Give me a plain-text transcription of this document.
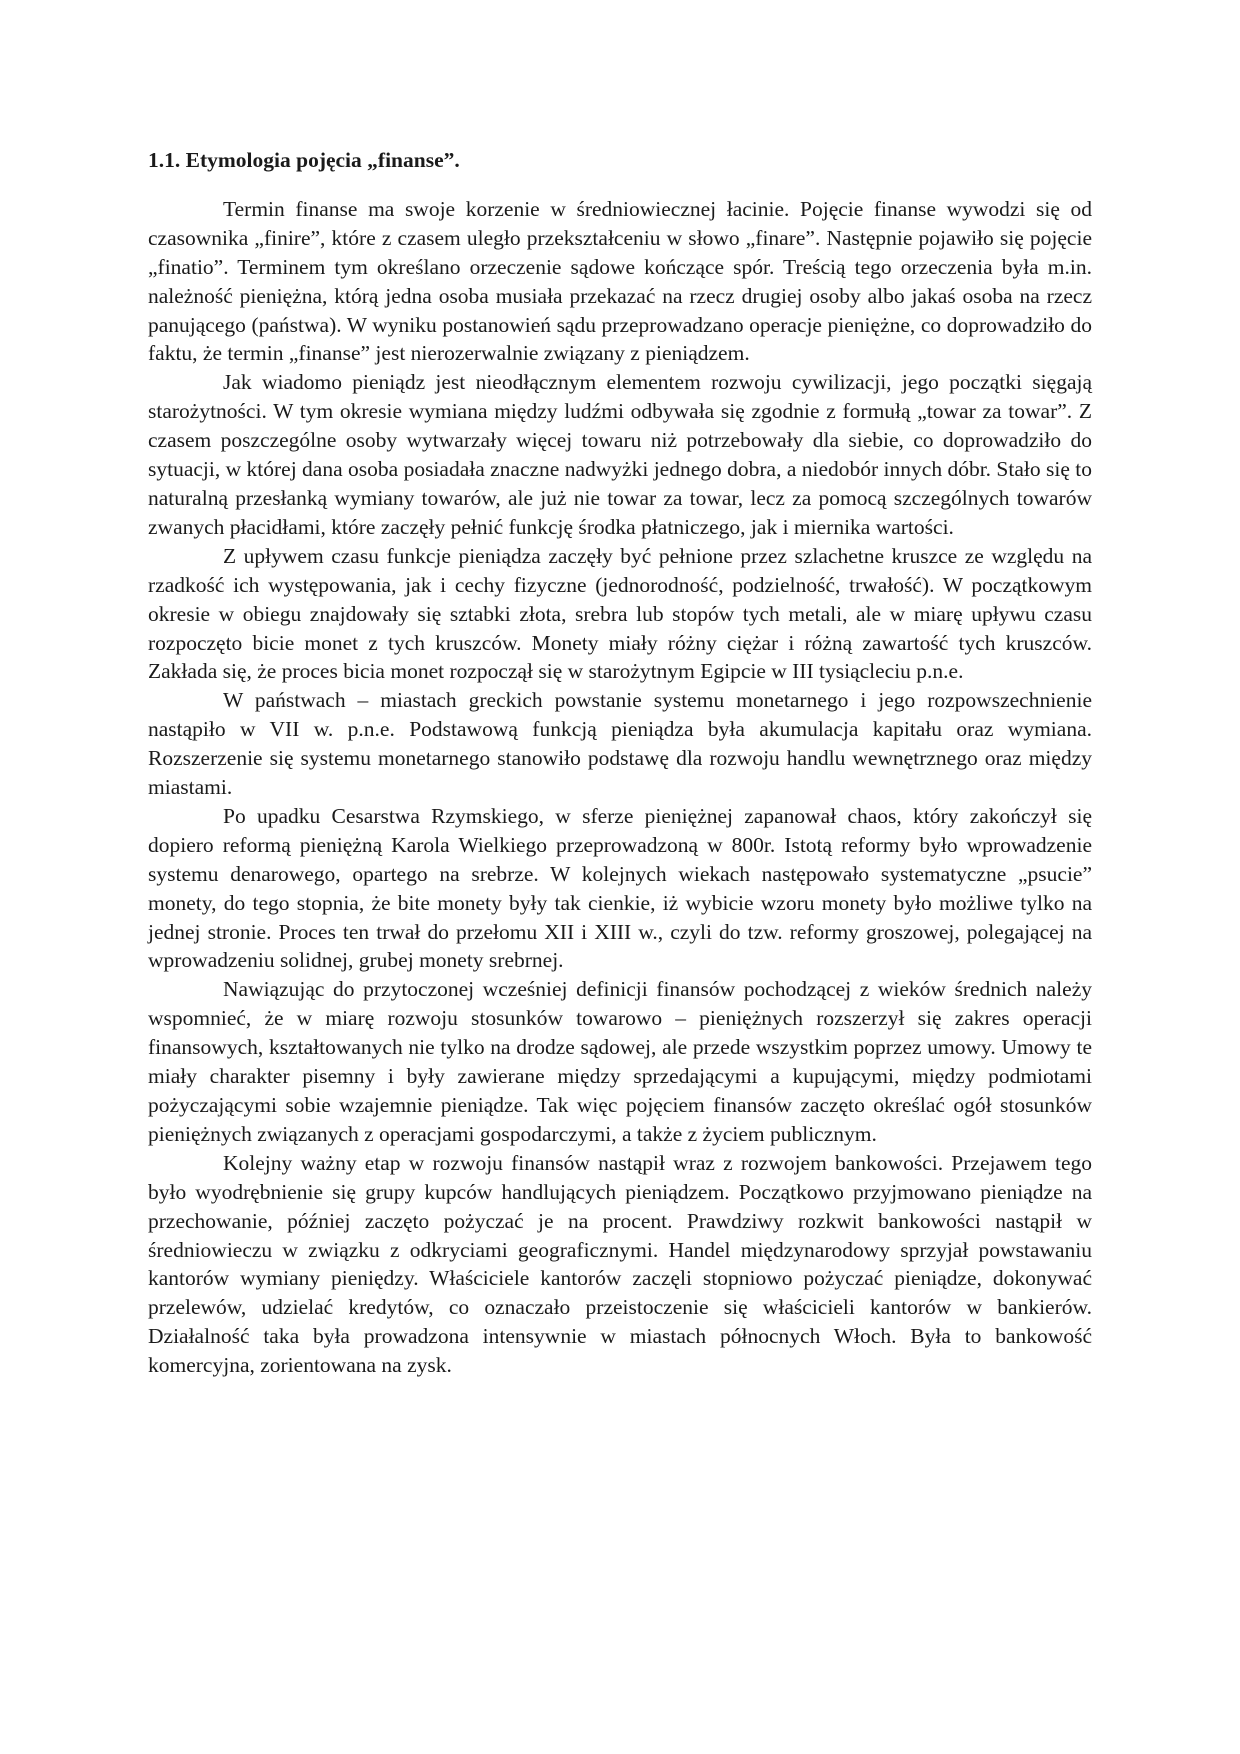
1.1. Etymologia pojęcia „finanse”.

Termin finanse ma swoje korzenie w średniowiecznej łacinie. Pojęcie finanse wywodzi się od czasownika „finire”, które z czasem uległo przekształceniu w słowo „finare”. Następnie pojawiło się pojęcie „finatio”. Terminem tym określano orzeczenie sądowe kończące spór. Treścią tego orzeczenia była m.in. należność pieniężna, którą jedna osoba musiała przekazać na rzecz drugiej osoby albo jakaś osoba na rzecz panującego (państwa). W wyniku postanowień sądu przeprowadzano operacje pieniężne, co doprowadziło do faktu, że termin „finanse” jest nierozerwalnie związany z pieniądzem.

Jak wiadomo pieniądz jest nieodłącznym elementem rozwoju cywilizacji, jego początki sięgają starożytności. W tym okresie wymiana między ludźmi odbywała się zgodnie z formułą „towar za towar”. Z czasem poszczególne osoby wytwarzały więcej towaru niż potrzebowały dla siebie, co doprowadziło do sytuacji, w której dana osoba posiadała znaczne nadwyżki jednego dobra, a niedobór innych dóbr. Stało się to naturalną przesłanką wymiany towarów, ale już nie towar za towar, lecz za pomocą szczególnych towarów zwanych płacidłami, które zaczęły pełnić funkcję środka płatniczego, jak i miernika wartości.

Z upływem czasu funkcje pieniądza zaczęły być pełnione przez szlachetne kruszce ze względu na rzadkość ich występowania, jak i cechy fizyczne (jednorodność, podzielność, trwałość). W początkowym okresie w obiegu znajdowały się sztabki złota, srebra lub stopów tych metali, ale w miarę upływu czasu rozpoczęto bicie monet z tych kruszców. Monety miały różny ciężar i różną zawartość tych kruszców. Zakłada się, że proces bicia monet rozpoczął się w starożytnym Egipcie w III tysiącleciu p.n.e.

W państwach – miastach greckich powstanie systemu monetarnego i jego rozpowszechnienie nastąpiło w VII w. p.n.e. Podstawową funkcją pieniądza była akumulacja kapitału oraz wymiana. Rozszerzenie się systemu monetarnego stanowiło podstawę dla rozwoju handlu wewnętrznego oraz między miastami.

Po upadku Cesarstwa Rzymskiego, w sferze pieniężnej zapanował chaos, który zakończył się dopiero reformą pieniężną Karola Wielkiego przeprowadzoną w 800r. Istotą reformy było wprowadzenie systemu denarowego, opartego na srebrze. W kolejnych wiekach następowało systematyczne „psucie” monety, do tego stopnia, że bite monety były tak cienkie, iż wybicie wzoru monety było możliwe tylko na jednej stronie. Proces ten trwał do przełomu XII i XIII w., czyli do tzw. reformy groszowej, polegającej na wprowadzeniu solidnej, grubej monety srebrnej.

Nawiązując do przytoczonej wcześniej definicji finansów pochodzącej z wieków średnich należy wspomnieć, że w miarę rozwoju stosunków towarowo – pieniężnych rozszerzył się zakres operacji finansowych, kształtowanych nie tylko na drodze sądowej, ale przede wszystkim poprzez umowy. Umowy te miały charakter pisemny i były zawierane między sprzedającymi a kupującymi, między podmiotami pożyczającymi sobie wzajemnie pieniądze. Tak więc pojęciem finansów zaczęto określać ogół stosunków pieniężnych związanych z operacjami gospodarczymi, a także z życiem publicznym.

Kolejny ważny etap w rozwoju finansów nastąpił wraz z rozwojem bankowości. Przejawem tego było wyodrębnienie się grupy kupców handlujących pieniądzem. Początkowo przyjmowano pieniądze na przechowanie, później zaczęto pożyczać je na procent. Prawdziwy rozkwit bankowości nastąpił w średniowieczu w związku z odkryciami geograficznymi. Handel międzynarodowy sprzyjał powstawaniu kantorów wymiany pieniędzy. Właściciele kantorów zaczęli stopniowo pożyczać pieniądze, dokonywać przelewów, udzielać kredytów, co oznaczało przeistoczenie się właścicieli kantorów w bankierów. Działalność taka była prowadzona intensywnie w miastach północnych Włoch. Była to bankowość komercyjna, zorientowana na zysk.
